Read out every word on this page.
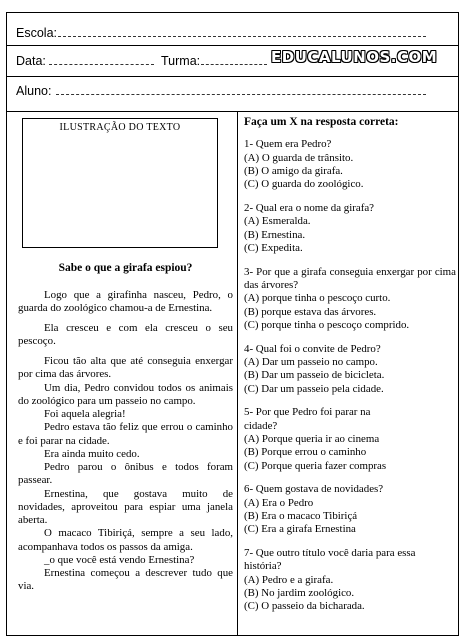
Escola:
Data:	Turma:	EDUCALUNOS.COM
Aluno:
ILUSTRAÇÃO DO TEXTO
Sabe o que a girafa espiou?

Logo que a girafinha nasceu, Pedro, o guarda do zoológico chamou-a de Ernestina.

Ela cresceu e com ela cresceu o seu pescoço.

Ficou tão alta que até conseguia enxergar por cima das árvores.

Um dia, Pedro convidou todos os animais do zoológico para um passeio no campo.

Foi aquela alegria!

Pedro estava tão feliz que errou o caminho e foi parar na cidade.

Era ainda muito cedo.

Pedro parou o ônibus e todos foram passear.

Ernestina, que gostava muito de novidades, aproveitou para espiar uma janela aberta.

O macaco Tibiriçá, sempre a seu lado, acompanhava todos os passos da amiga.

_o que você está vendo Ernestina?

Ernestina começou a descrever tudo que via.

Faça um X na resposta correta:
1- Quem era Pedro?
(A) O guarda de trânsito.
(B) O amigo da girafa.
(C) O guarda do zoológico.
2- Qual era o nome da girafa?
(A) Esmeralda.
(B) Ernestina.
(C) Expedita.
3- Por que a girafa conseguia enxergar por cima das árvores?
(A) porque tinha o pescoço curto.
(B) porque estava das árvores.
(C) porque tinha o pescoço comprido.
4- Qual foi o convite de Pedro?
(A) Dar um passeio no campo.
(B) Dar um passeio de bicicleta.
(C) Dar um passeio pela cidade.
5- Por que Pedro foi parar na cidade?
(A) Porque queria ir ao cinema
(B) Porque errou o caminho
(C) Porque queria fazer compras
6- Quem gostava de novidades?
(A) Era o Pedro
(B) Era o macaco Tibiriçá
(C) Era a girafa Ernestina
7- Que outro título você daria para essa história?
(A) Pedro e a girafa.
(B) No jardim zoológico.
(C) O passeio da bicharada.
